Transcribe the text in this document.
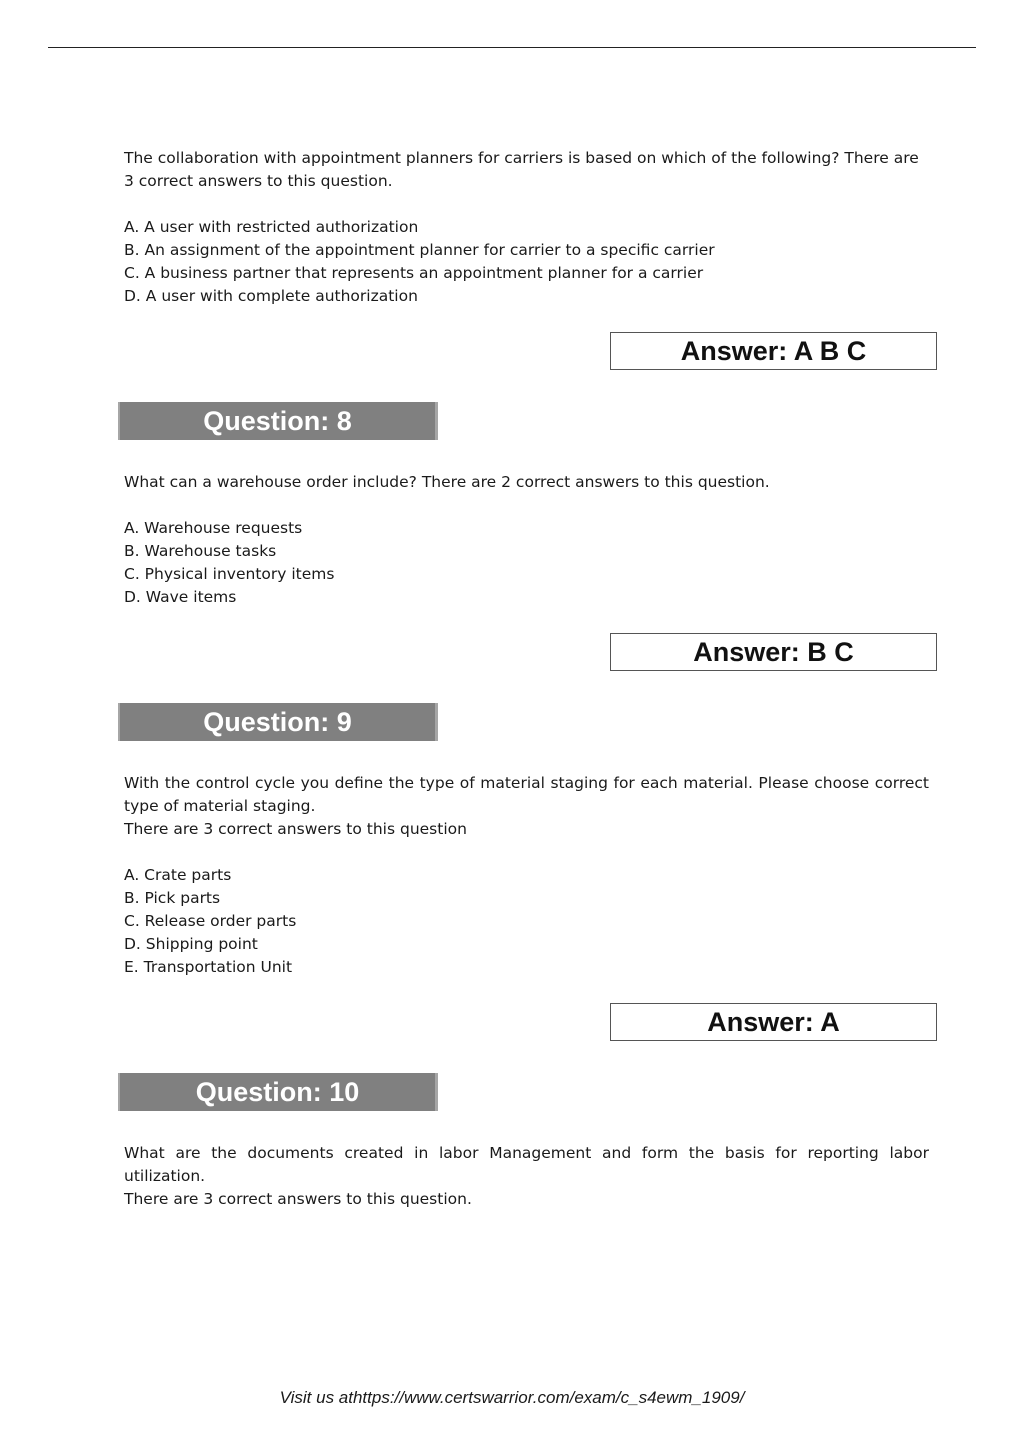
The collaboration with appointment planners for carriers is based on which of the following? There are 3 correct answers to this question.

A. A user with restricted authorization
B. An assignment of the appointment planner for carrier to a specific carrier
C. A business partner that represents an appointment planner for a carrier
D. A user with complete authorization
Answer: A B C
Question: 8

What can a warehouse order include? There are 2 correct answers to this question.

A. Warehouse requests
B. Warehouse tasks
C. Physical inventory items
D. Wave items
Answer: B C
Question: 9

With the control cycle you define the type of material staging for each material. Please choose correct type of material staging.

There are 3 correct answers to this question

A. Crate parts
B. Pick parts
C. Release order parts
D. Shipping point
E. Transportation Unit
Answer: A
Question: 10

What are the documents created in labor Management and form the basis for reporting labor utilization.

There are 3 correct answers to this question.

Visit us athttps://www.certswarrior.com/exam/c_s4ewm_1909/
